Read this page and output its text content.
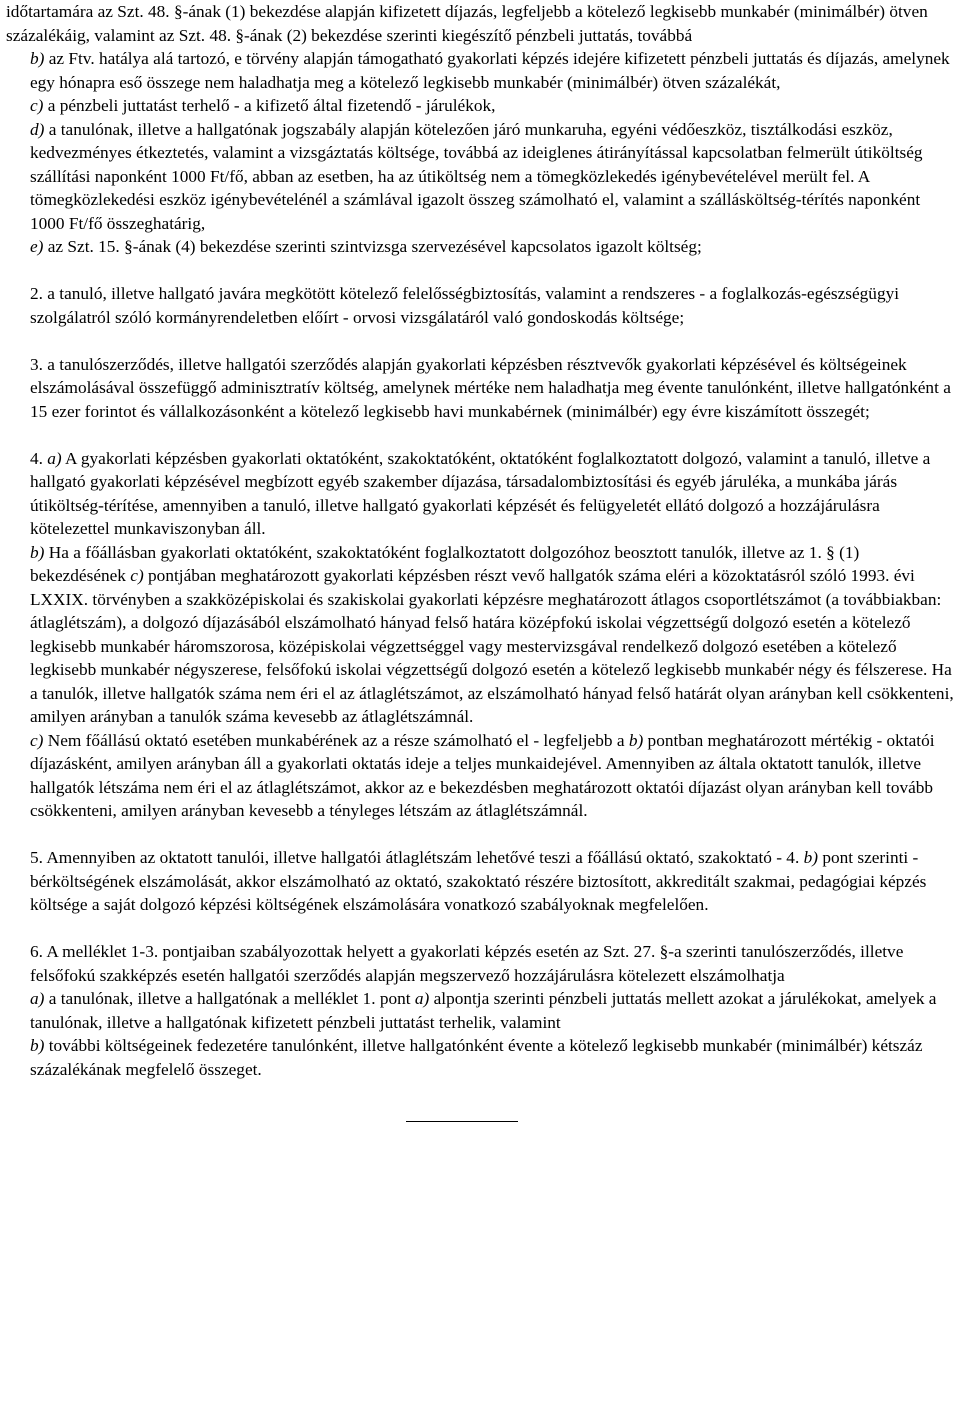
időtartamára az Szt. 48. §-ának (1) bekezdése alapján kifizetett díjazás, legfeljebb a kötelező legkisebb munkabér (minimálbér) ötven százalékáig, valamint az Szt. 48. §-ának (2) bekezdése szerinti kiegészítő pénzbeli juttatás, továbbá

b) az Ftv. hatálya alá tartozó, e törvény alapján támogatható gyakorlati képzés idejére kifizetett pénzbeli juttatás és díjazás, amelynek egy hónapra eső összege nem haladhatja meg a kötelező legkisebb munkabér (minimálbér) ötven százalékát,

c) a pénzbeli juttatást terhelő - a kifizető által fizetendő - járulékok,

d) a tanulónak, illetve a hallgatónak jogszabály alapján kötelezően járó munkaruha, egyéni védőeszköz, tisztálkodási eszköz, kedvezményes étkeztetés, valamint a vizsgáztatás költsége, továbbá az ideiglenes átirányítással kapcsolatban felmerült útiköltség szállítási naponként 1000 Ft/fő, abban az esetben, ha az útiköltség nem a tömegközlekedés igénybevételével merült fel. A tömegközlekedési eszköz igénybevételénél a számlával igazolt összeg számolható el, valamint a szállásköltség-térítés naponként 1000 Ft/fő összeghatárig,

e) az Szt. 15. §-ának (4) bekezdése szerinti szintvizsga szervezésével kapcsolatos igazolt költség;

2. a tanuló, illetve hallgató javára megkötött kötelező felelősségbiztosítás, valamint a rendszeres - a foglalkozás-egészségügyi szolgálatról szóló kormányrendeletben előírt - orvosi vizsgálatáról való gondoskodás költsége;

3. a tanulószerződés, illetve hallgatói szerződés alapján gyakorlati képzésben résztvevők gyakorlati képzésével és költségeinek elszámolásával összefüggő adminisztratív költség, amelynek mértéke nem haladhatja meg évente tanulónként, illetve hallgatónként a 15 ezer forintot és vállalkozásonként a kötelező legkisebb havi munkabérnek (minimálbér) egy évre kiszámított összegét;

4. a) A gyakorlati képzésben gyakorlati oktatóként, szakoktatóként, oktatóként foglalkoztatott dolgozó, valamint a tanuló, illetve a hallgató gyakorlati képzésével megbízott egyéb szakember díjazása, társadalombiztosítási és egyéb járuléka, a munkába járás útiköltség-térítése, amennyiben a tanuló, illetve hallgató gyakorlati képzését és felügyeletét ellátó dolgozó a hozzájárulásra kötelezettel munkaviszonyban áll.

b) Ha a főállásban gyakorlati oktatóként, szakoktatóként foglalkoztatott dolgozóhoz beosztott tanulók, illetve az 1. § (1) bekezdésének c) pontjában meghatározott gyakorlati képzésben részt vevő hallgatók száma eléri a közoktatásról szóló 1993. évi LXXIX. törvényben a szakközépiskolai és szakiskolai gyakorlati képzésre meghatározott átlagos csoportlétszámot (a továbbiakban: átlaglétszám), a dolgozó díjazásából elszámolható hányad felső határa középfokú iskolai végzettségű dolgozó esetén a kötelező legkisebb munkabér háromszorosa, középiskolai végzettséggel vagy mestervizsgával rendelkező dolgozó esetében a kötelező legkisebb munkabér négyszerese, felsőfokú iskolai végzettségű dolgozó esetén a kötelező legkisebb munkabér négy és félszerese. Ha a tanulók, illetve hallgatók száma nem éri el az átlaglétszámot, az elszámolható hányad felső határát olyan arányban kell csökkenteni, amilyen arányban a tanulók száma kevesebb az átlaglétszámnál.

c) Nem főállású oktató esetében munkabérének az a része számolható el - legfeljebb a b) pontban meghatározott mértékig - oktatói díjazásként, amilyen arányban áll a gyakorlati oktatás ideje a teljes munkaidejével. Amennyiben az általa oktatott tanulók, illetve hallgatók létszáma nem éri el az átlaglétszámot, akkor az e bekezdésben meghatározott oktatói díjazást olyan arányban kell tovább csökkenteni, amilyen arányban kevesebb a tényleges létszám az átlaglétszámnál.

5. Amennyiben az oktatott tanulói, illetve hallgatói átlaglétszám lehetővé teszi a főállású oktató, szakoktató - 4. b) pont szerinti - bérköltségének elszámolását, akkor elszámolható az oktató, szakoktató részére biztosított, akkreditált szakmai, pedagógiai képzés költsége a saját dolgozó képzési költségének elszámolására vonatkozó szabályoknak megfelelően.

6. A melléklet 1-3. pontjaiban szabályozottak helyett a gyakorlati képzés esetén az Szt. 27. §-a szerinti tanulószerződés, illetve felsőfokú szakképzés esetén hallgatói szerződés alapján megszervező hozzájárulásra kötelezett elszámolhatja

a) a tanulónak, illetve a hallgatónak a melléklet 1. pont a) alpontja szerinti pénzbeli juttatás mellett azokat a járulékokat, amelyek a tanulónak, illetve a hallgatónak kifizetett pénzbeli juttatást terhelik, valamint

b) további költségeinek fedezetére tanulónként, illetve hallgatónként évente a kötelező legkisebb munkabér (minimálbér) kétszáz százalékának megfelelő összeget.
